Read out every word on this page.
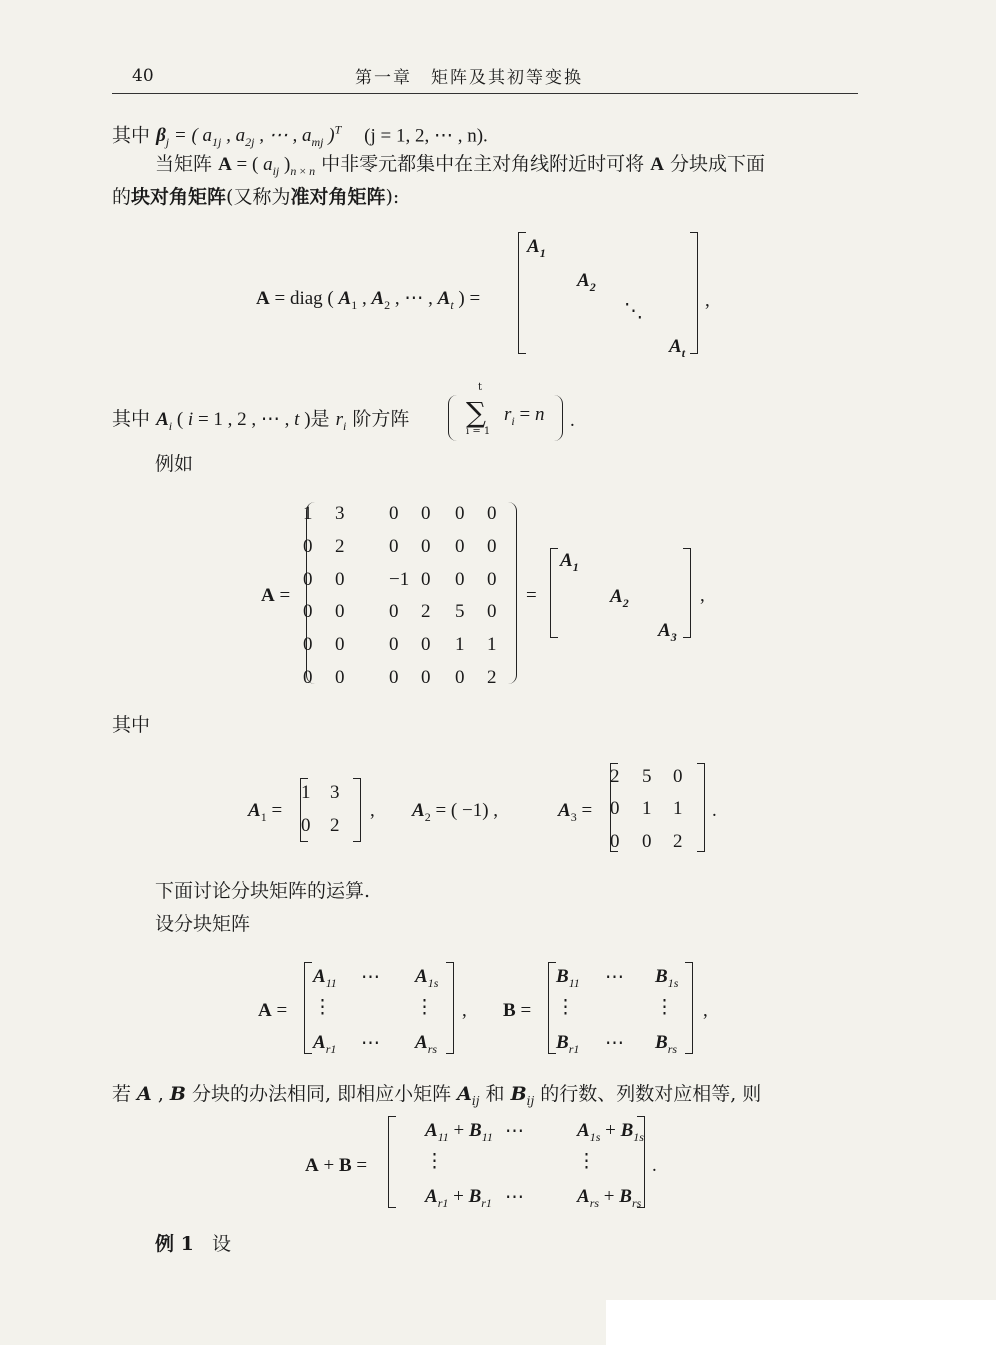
40	第一章　矩阵及其初等变换
其中 $\beta_j$ = ( $a_{1j}$ , $a_{2j}$ , ⋯ , $a_{mj}$ )$^T$ (j = 1, 2, ⋯ , n).
当矩阵 A = ( $a_{ij}$ )$_{n \times n}$ 中非零元都集中在主对角线附近时可将 A 分块成下面
的块对角矩阵(又称为准对角矩阵):
A = diag ( $A_1$ , $A_2$ , ⋯ , $A_t$ ) =
$A_1$
$A_2$
⋱
$A_t$
,
其中 $A_i$ ( i = 1 , 2 , ⋯ , t )是 $r_i$ 阶方阵
t
∑
i = 1
$r_i = n$ .
例如
A =
1 3 0 0 0 0
0 2 0 0 0 0
0 0 −1 0 0 0
0 0 0 2 5 0
0 0 0 0 1 1
0 0 0 0 0 2
=
$A_1$
$A_2$
$A_3$
,
其中
$A_1$ =
1 3
0 2
, $A_2$ = ( −1) ,	$A_3$ =
2 5 0
0 1 1
0 0 2
.
下面讨论分块矩阵的运算.
设分块矩阵
A =
$A_{11}$ ⋯ $A_{1s}$
⋮	⋮
$A_{r1}$ ⋯ $A_{rs}$
, B =
$B_{11}$ ⋯ $B_{1s}$
⋮	⋮
$B_{r1}$ ⋯ $B_{rs}$
,
若 A , B 分块的办法相同, 即相应小矩阵 $A_{ij}$ 和 $B_{ij}$ 的行数、列数对应相等, 则
A + B =
$A_{11} + B_{11}$ ⋯	$A_{1s} + B_{1s}$
⋮	⋮
$A_{r1} + B_{r1}$ ⋯	$A_{rs} + B_{rs}$
.
例 1 设
